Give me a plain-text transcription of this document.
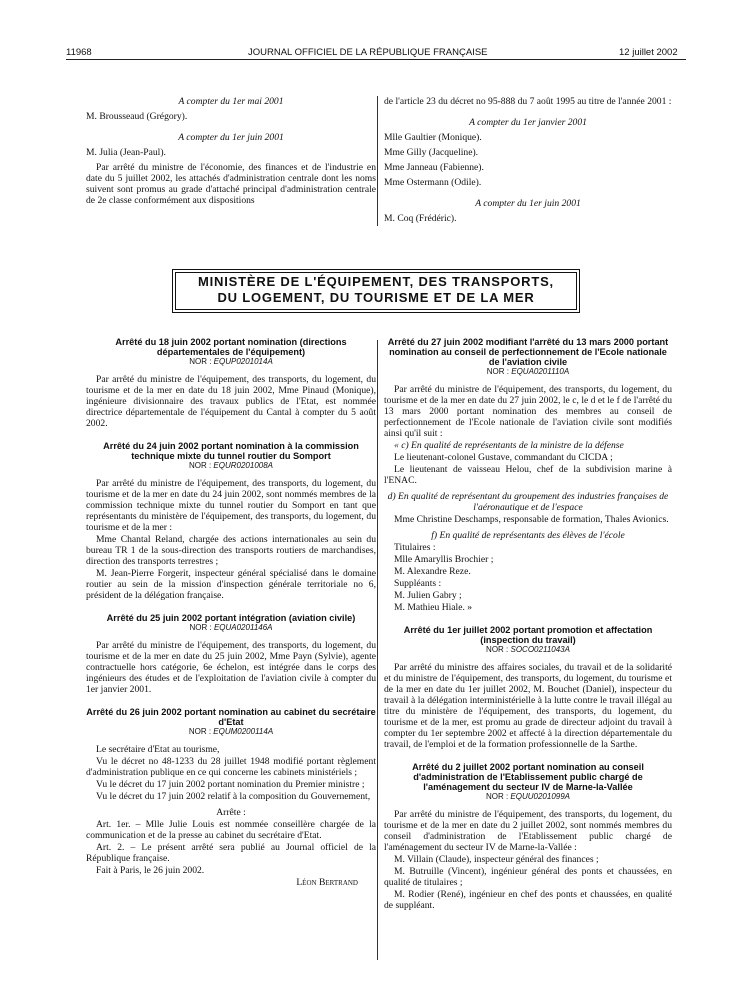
11968	JOURNAL OFFICIEL DE LA RÉPUBLIQUE FRANÇAISE	12 juillet 2002

A compter du 1er mai 2001

M. Brousseaud (Grégory).

A compter du 1er juin 2001

M. Julia (Jean-Paul).

Par arrêté du ministre de l'économie, des finances et de l'industrie en date du 5 juillet 2002, les attachés d'administration centrale dont les noms suivent sont promus au grade d'attaché principal d'administration centrale de 2e classe conformément aux dispositions

de l'article 23 du décret no 95-888 du 7 août 1995 au titre de l'année 2001 :

A compter du 1er janvier 2001

Mlle Gaultier (Monique).

Mme Gilly (Jacqueline).

Mme Janneau (Fabienne).

Mme Ostermann (Odile).

A compter du 1er juin 2001

M. Coq (Frédéric).

MINISTÈRE DE L'ÉQUIPEMENT, DES TRANSPORTS,
DU LOGEMENT, DU TOURISME ET DE LA MER
Arrêté du 18 juin 2002 portant nomination (directions départementales de l'équipement)
NOR : EQUP0201014A

Par arrêté du ministre de l'équipement, des transports, du logement, du tourisme et de la mer en date du 18 juin 2002, Mme Pinaud (Monique), ingénieure divisionnaire des travaux publics de l'Etat, est nommée directrice départementale de l'équipement du Cantal à compter du 5 août 2002.

Arrêté du 24 juin 2002 portant nomination à la commission technique mixte du tunnel routier du Somport
NOR : EQUR0201008A

Par arrêté du ministre de l'équipement, des transports, du logement, du tourisme et de la mer en date du 24 juin 2002, sont nommés membres de la commission technique mixte du tunnel routier du Somport en tant que représentants du ministère de l'équipement, des transports, du logement, du tourisme et de la mer :

Mme Chantal Reland, chargée des actions internationales au sein du bureau TR 1 de la sous-direction des transports routiers de marchandises, direction des transports terrestres ;

M. Jean-Pierre Forgerit, inspecteur général spécialisé dans le domaine routier au sein de la mission d'inspection générale territoriale no 6, président de la délégation française.

Arrêté du 25 juin 2002 portant intégration (aviation civile)
NOR : EQUA0201146A

Par arrêté du ministre de l'équipement, des transports, du logement, du tourisme et de la mer en date du 25 juin 2002, Mme Payn (Sylvie), agente contractuelle hors catégorie, 6e échelon, est intégrée dans le corps des ingénieurs des études et de l'exploitation de l'aviation civile à compter du 1er janvier 2001.

Arrêté du 26 juin 2002 portant nomination au cabinet du secrétaire d'Etat
NOR : EQUM0200114A

Le secrétaire d'Etat au tourisme,

Vu le décret no 48-1233 du 28 juillet 1948 modifié portant règlement d'administration publique en ce qui concerne les cabinets ministériels ;

Vu le décret du 17 juin 2002 portant nomination du Premier ministre ;

Vu le décret du 17 juin 2002 relatif à la composition du Gouvernement,

Arrête :

Art. 1er. – Mlle Julie Louis est nommée conseillère chargée de la communication et de la presse au cabinet du secrétaire d'Etat.

Art. 2. – Le présent arrêté sera publié au Journal officiel de la République française.

Fait à Paris, le 26 juin 2002.

Léon Bertrand

Arrêté du 27 juin 2002 modifiant l'arrêté du 13 mars 2000 portant nomination au conseil de perfectionnement de l'Ecole nationale de l'aviation civile
NOR : EQUA0201110A

Par arrêté du ministre de l'équipement, des transports, du logement, du tourisme et de la mer en date du 27 juin 2002, le c, le d et le f de l'arrêté du 13 mars 2000 portant nomination des membres au conseil de perfectionnement de l'Ecole nationale de l'aviation civile sont modifiés ainsi qu'il suit :

« c) En qualité de représentants de la ministre de la défense

Le lieutenant-colonel Gustave, commandant du CICDA ;

Le lieutenant de vaisseau Helou, chef de la subdivision marine à l'ENAC.

d) En qualité de représentant du groupement des industries françaises de l'aéronautique et de l'espace

Mme Christine Deschamps, responsable de formation, Thales Avionics.

f) En qualité de représentants des élèves de l'école

Titulaires :

Mlle Amaryllis Brochier ;

M. Alexandre Reze.

Suppléants :

M. Julien Gabry ;

M. Mathieu Hiale. »

Arrêté du 1er juillet 2002 portant promotion et affectation (inspection du travail)
NOR : SOCO0211043A

Par arrêté du ministre des affaires sociales, du travail et de la solidarité et du ministre de l'équipement, des transports, du logement, du tourisme et de la mer en date du 1er juillet 2002, M. Bouchet (Daniel), inspecteur du travail à la délégation interministérielle à la lutte contre le travail illégal au titre du ministère de l'équipement, des transports, du logement, du tourisme et de la mer, est promu au grade de directeur adjoint du travail à compter du 1er septembre 2002 et affecté à la direction départementale du travail, de l'emploi et de la formation professionnelle de la Sarthe.

Arrêté du 2 juillet 2002 portant nomination au conseil d'administration de l'Etablissement public chargé de l'aménagement du secteur IV de Marne-la-Vallée
NOR : EQUU0201099A

Par arrêté du ministre de l'équipement, des transports, du logement, du tourisme et de la mer en date du 2 juillet 2002, sont nommés membres du conseil d'administration de l'Etablissement public chargé de l'aménagement du secteur IV de Marne-la-Vallée :

M. Villain (Claude), inspecteur général des finances ;

M. Butruille (Vincent), ingénieur général des ponts et chaussées, en qualité de titulaires ;

M. Rodier (René), ingénieur en chef des ponts et chaussées, en qualité de suppléant.
